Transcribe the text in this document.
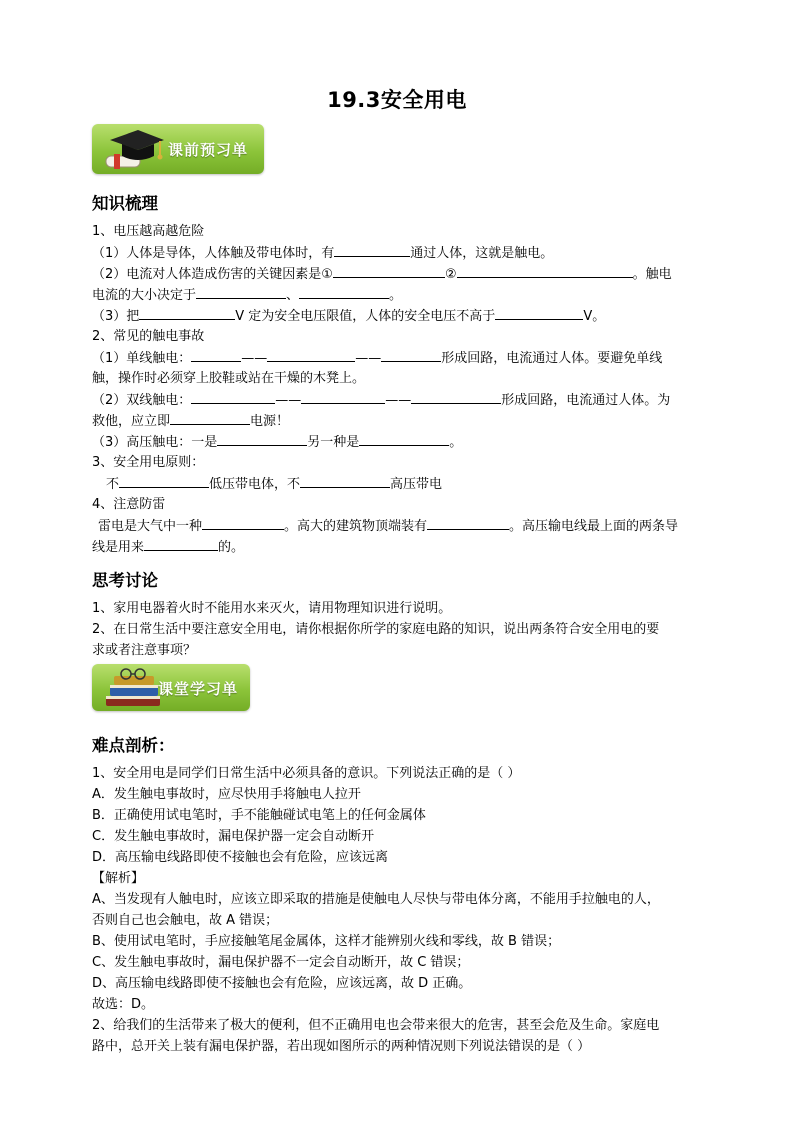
19.3安全用电
课前预习单
知识梳理
1、电压越高越危险
（1）人体是导体，人体触及带电体时，有	通过人体，这就是触电。
（2）电流对人体造成伤害的关键因素是①	②	。触电
电流的大小决定于	、	。
（3）把	V 定为安全电压限值，人体的安全电压不高于	V。
2、常见的触电事故
（1）单线触电：	——	——	形成回路，电流通过人体。要避免单线
触，操作时必须穿上胶鞋或站在干燥的木凳上。
（2）双线触电：	——	——	形成回路，电流通过人体。为
救他，应立即	电源！
（3）高压触电：一是	另一种是	。
3、安全用电原则：
不	低压带电体，不	高压带电
4、注意防雷
雷电是大气中一种	。高大的建筑物顶端装有	。高压输电线最上面的两条导
线是用来	的。
思考讨论
1、家用电器着火时不能用水来灭火，请用物理知识进行说明。
2、在日常生活中要注意安全用电，请你根据你所学的家庭电路的知识，说出两条符合安全用电的要
求或者注意事项？
课堂学习单
难点剖析：
1、安全用电是同学们日常生活中必须具备的意识。下列说法正确的是（ ）
A．发生触电事故时，应尽快用手将触电人拉开
B．正确使用试电笔时，手不能触碰试电笔上的任何金属体
C．发生触电事故时，漏电保护器一定会自动断开
D．高压输电线路即使不接触也会有危险，应该远离
【解析】
A、当发现有人触电时，应该立即采取的措施是使触电人尽快与带电体分离，不能用手拉触电的人，
否则自己也会触电，故 A 错误；
B、使用试电笔时，手应接触笔尾金属体，这样才能辨别火线和零线，故 B 错误；
C、发生触电事故时，漏电保护器不一定会自动断开，故 C 错误；
D、高压输电线路即使不接触也会有危险，应该远离，故 D 正确。
故选：D。
2、给我们的生活带来了极大的便利，但不正确用电也会带来很大的危害，甚至会危及生命。家庭电
路中，总开关上装有漏电保护器，若出现如图所示的两种情况则下列说法错误的是（ ）
